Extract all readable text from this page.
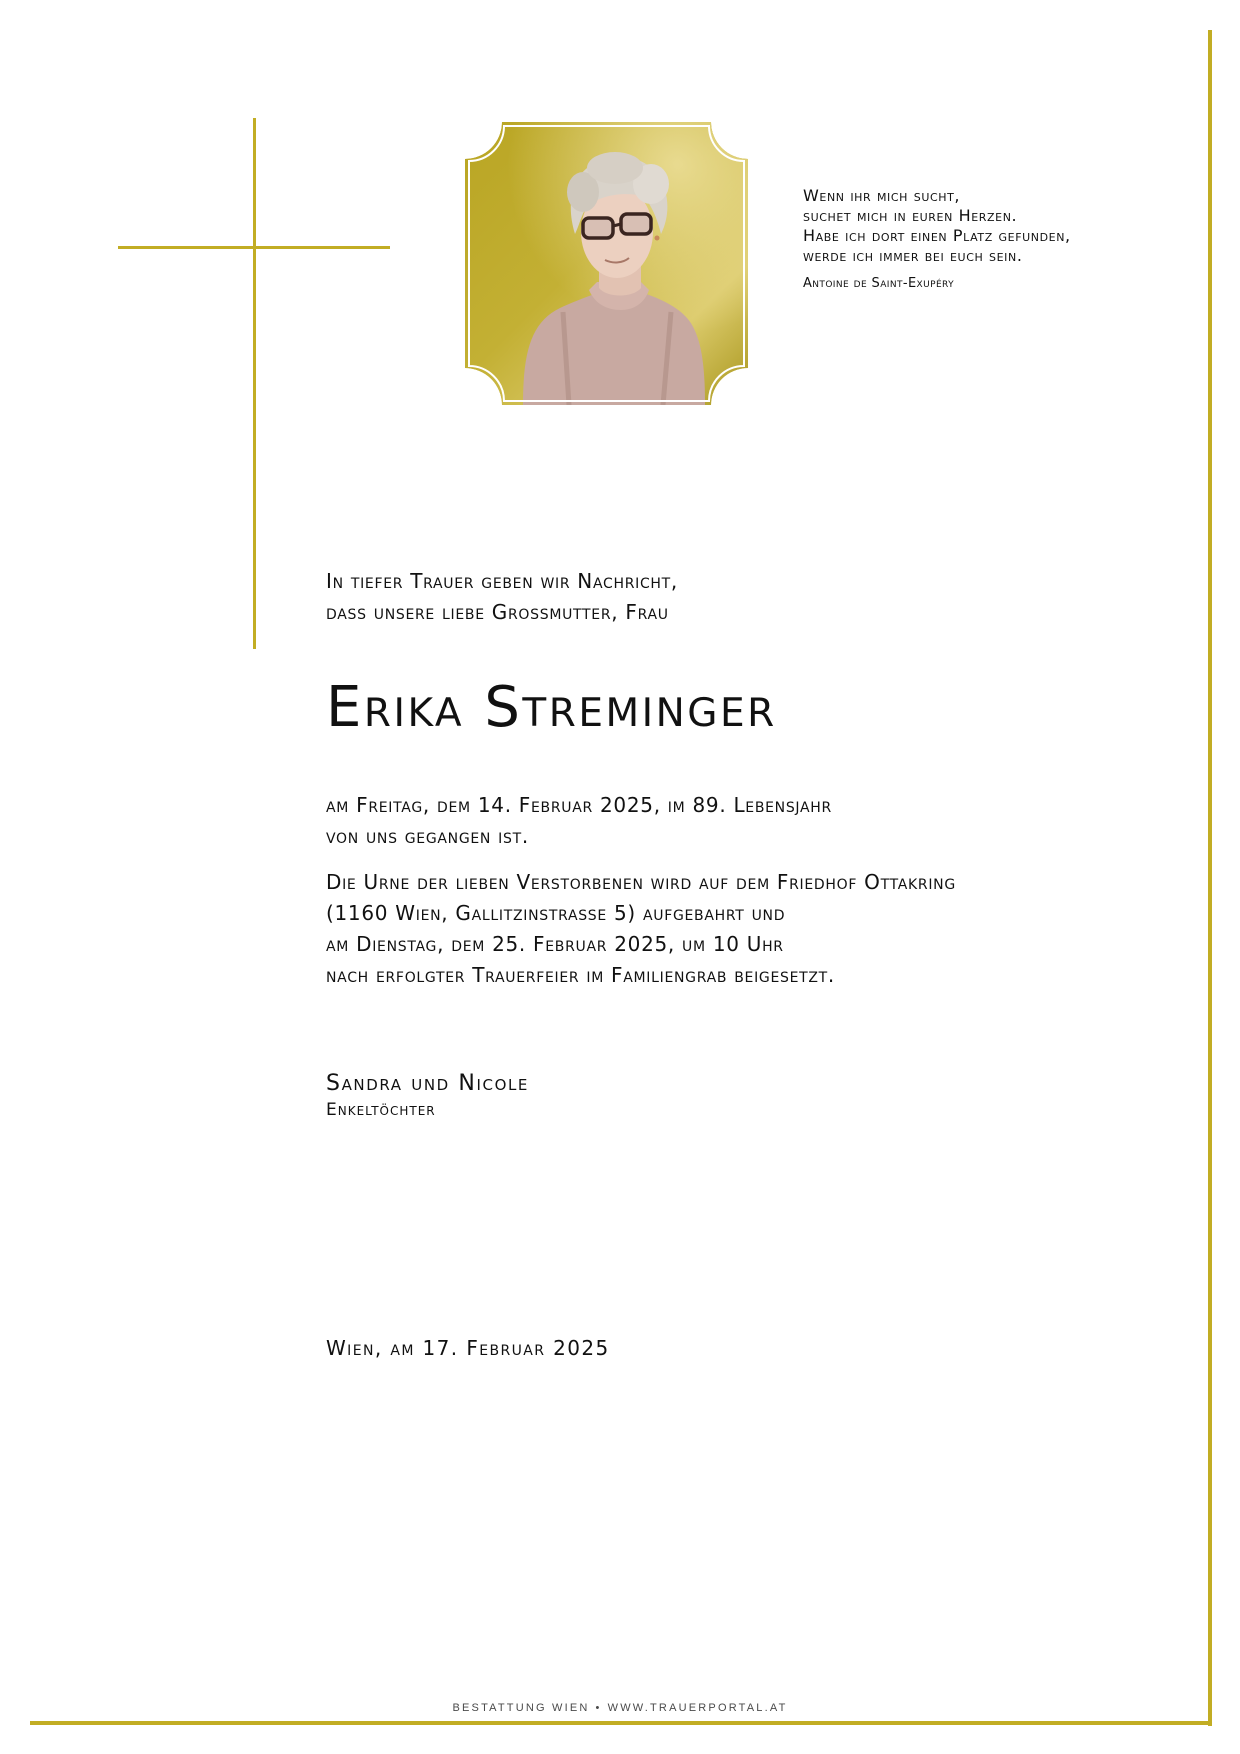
Wenn ihr mich sucht,
suchet mich in euren Herzen.
Habe ich dort einen Platz gefunden,
werde ich immer bei euch sein.
Antoine de Saint-Exupéry
In tiefer Trauer geben wir Nachricht,
dass unsere liebe Grossmutter, Frau
Erika Streminger
am Freitag, dem 14. Februar 2025, im 89. Lebensjahr
von uns gegangen ist.
Die Urne der lieben Verstorbenen wird auf dem Friedhof Ottakring
(1160 Wien, Gallitzinstrasse 5) aufgebahrt und
am Dienstag, dem 25. Februar 2025, um 10 Uhr
nach erfolgter Trauerfeier im Familiengrab beigesetzt.
Sandra und Nicole
Enkeltöchter
Wien, am 17. Februar 2025
BESTATTUNG WIEN • WWW.TRAUERPORTAL.AT
